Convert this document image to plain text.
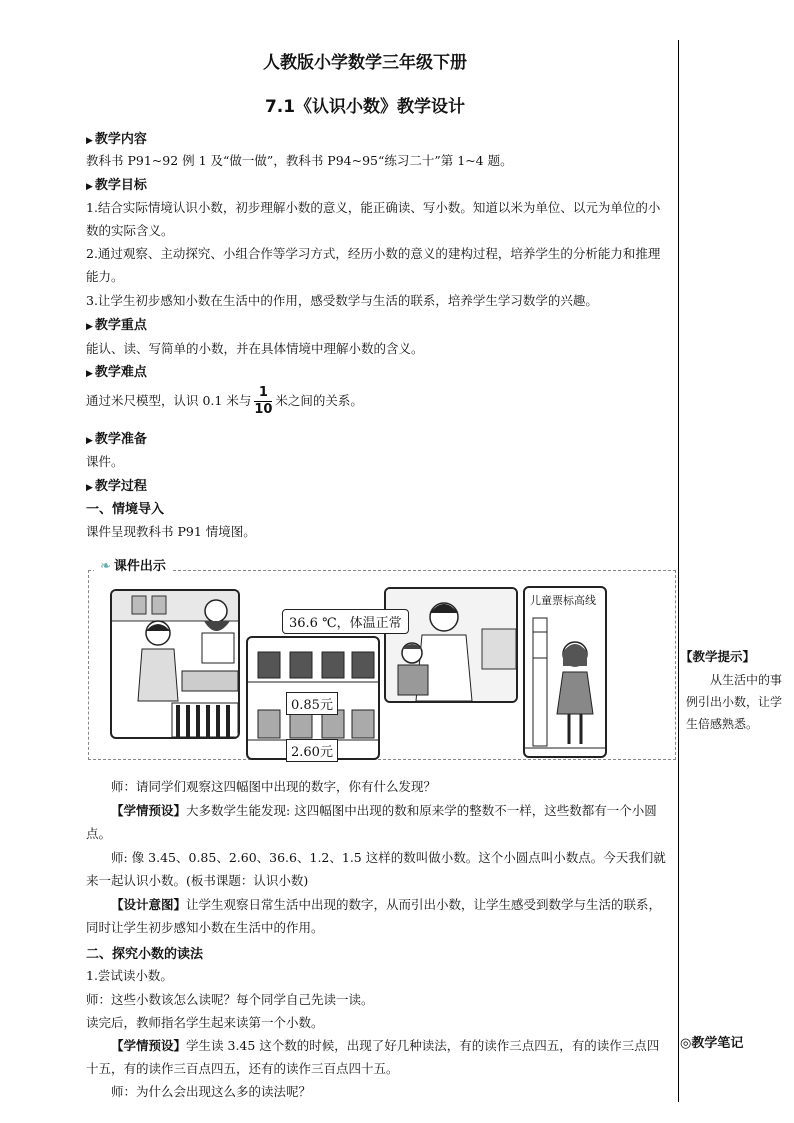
人教版小学数学三年级下册
7.1《认识小数》教学设计
▶ 教学内容
教科书 P91~92 例 1 及“做一做”，教科书 P94~95“练习二十”第 1~4 题。
▶ 教学目标
1.结合实际情境认识小数，初步理解小数的意义，能正确读、写小数。知道以米为单位、以元为单位的小数的实际含义。
2.通过观察、主动探究、小组合作等学习方式，经历小数的意义的建构过程，培养学生的分析能力和推理能力。
3.让学生初步感知小数在生活中的作用，感受数学与生活的联系，培养学生学习数学的兴趣。
▶ 教学重点
能认、读、写简单的小数，并在具体情境中理解小数的含义。
▶ 教学难点
通过米尺模型，认识 0.1 米与 $\frac{1}{10}$ 米之间的关系。
▶ 教学准备
课件。
▶ 教学过程
一、情境导入
课件呈现教科书 P91 情境图。
❧ 课件出示
0.85元
2.60元
36.6 ℃，体温正常
儿童票标高线
师：请同学们观察这四幅图中出现的数字，你有什么发现？
【学情预设】大多数学生能发现: 这四幅图中出现的数和原来学的整数不一样，这些数都有一个小圆点。
师: 像 3.45、0.85、2.60、36.6、1.2、1.5 这样的数叫做小数。这个小圆点叫小数点。今天我们就来一起认识小数。(板书课题：认识小数)
【设计意图】让学生观察日常生活中出现的数字，从而引出小数，让学生感受到数学与生活的联系，同时让学生初步感知小数在生活中的作用。
二、探究小数的读法
1.尝试读小数。
师：这些小数该怎么读呢？每个同学自己先读一读。
读完后，教师指名学生起来读第一个小数。
【学情预设】学生读 3.45 这个数的时候，出现了好几种读法，有的读作三点四五，有的读作三点四十五，有的读作三百点四五，还有的读作三百点四十五。
师：为什么会出现这么多的读法呢？
【教学提示】
从生活中的事例引出小数，让学生倍感熟悉。
◎教学笔记
